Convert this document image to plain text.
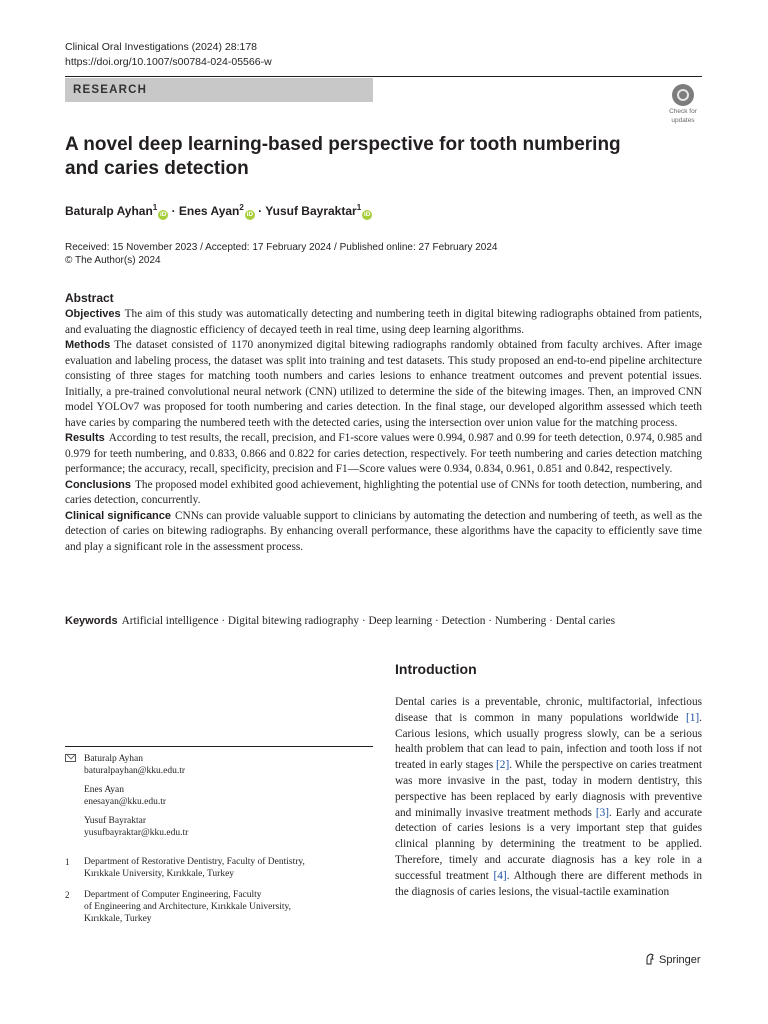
Clinical Oral Investigations (2024) 28:178
https://doi.org/10.1007/s00784-024-05566-w
RESEARCH
Check for
updates
A novel deep learning-based perspective for tooth numbering
and caries detection
Baturalp Ayhan$^1$iD · Enes Ayan$^2$iD · Yusuf Bayraktar$^1$iD
Received: 15 November 2023 / Accepted: 17 February 2024 / Published online: 27 February 2024
© The Author(s) 2024
Abstract

Objectives The aim of this study was automatically detecting and numbering teeth in digital bitewing radiographs obtained from patients, and evaluating the diagnostic efficiency of decayed teeth in real time, using deep learning algorithms.

Methods The dataset consisted of 1170 anonymized digital bitewing radiographs randomly obtained from faculty archives. After image evaluation and labeling process, the dataset was split into training and test datasets. This study proposed an end-to-end pipeline architecture consisting of three stages for matching tooth numbers and caries lesions to enhance treatment outcomes and prevent potential issues. Initially, a pre-trained convolutional neural network (CNN) utilized to determine the side of the bitewing images. Then, an improved CNN model YOLOv7 was proposed for tooth numbering and caries detection. In the final stage, our developed algorithm assessed which teeth have caries by comparing the numbered teeth with the detected caries, using the intersection over union value for the matching process.

Results According to test results, the recall, precision, and F1-score values were 0.994, 0.987 and 0.99 for teeth detection, 0.974, 0.985 and 0.979 for teeth numbering, and 0.833, 0.866 and 0.822 for caries detection, respectively. For teeth numbering and caries detection matching performance; the accuracy, recall, specificity, precision and F1—Score values were 0.934, 0.834, 0.961, 0.851 and 0.842, respectively.

Conclusions The proposed model exhibited good achievement, highlighting the potential use of CNNs for tooth detection, numbering, and caries detection, concurrently.

Clinical significance CNNs can provide valuable support to clinicians by automating the detection and numbering of teeth, as well as the detection of caries on bitewing radiographs. By enhancing overall performance, these algorithms have the capacity to efficiently save time and play a significant role in the assessment process.

Keywords Artificial intelligence · Digital bitewing radiography · Deep learning · Detection · Numbering · Dental caries
Introduction

Dental caries is a preventable, chronic, multifactorial, infectious disease that is common in many populations worldwide [1]. Carious lesions, which usually progress slowly, can be a serious health problem that can lead to pain, infection and tooth loss if not treated in early stages [2]. While the perspective on caries treatment was more invasive in the past, today in modern dentistry, this perspective has been replaced by early diagnosis with preventive and minimally invasive treatment methods [3]. Early and accurate detection of caries lesions is a very important step that guides clinical planning by determining the treatment to be applied. Therefore, timely and accurate diagnosis has a key role in a successful treatment [4]. Although there are different methods in the diagnosis of caries lesions, the visual-tactile examination

Baturalp Ayhan
baturalpayhan@kku.edu.tr
Enes Ayan
enesayan@kku.edu.tr
Yusuf Bayraktar
yusufbayraktar@kku.edu.tr
1 Department of Restorative Dentistry, Faculty of Dentistry,
Kırıkkale University, Kırıkkale, Turkey
2 Department of Computer Engineering, Faculty
of Engineering and Architecture, Kırıkkale University,
Kırıkkale, Turkey
Springer
